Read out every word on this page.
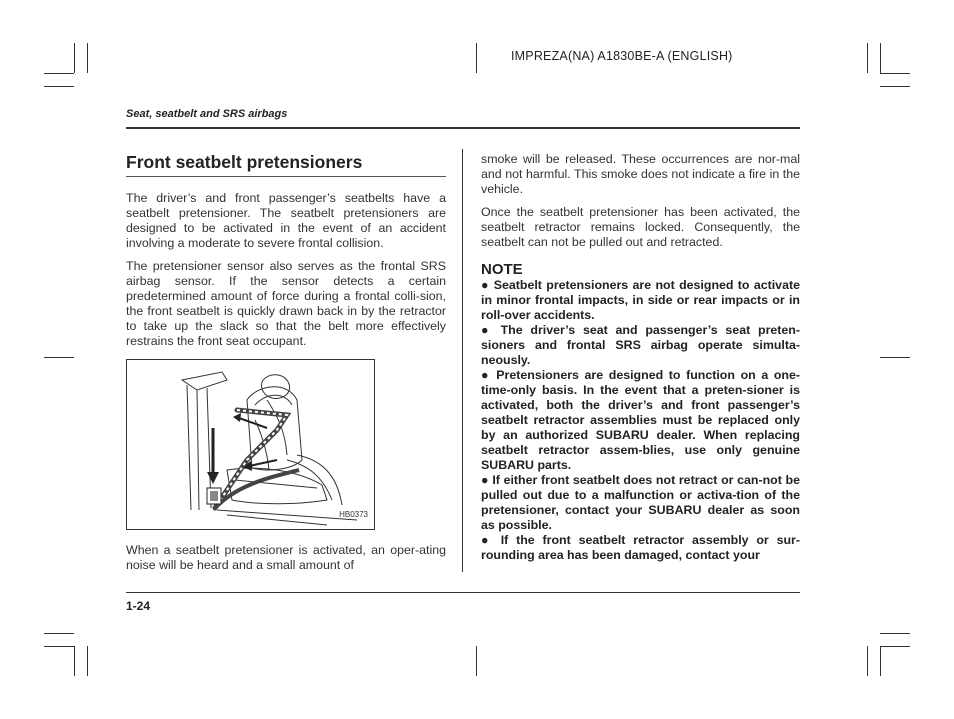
IMPREZA(NA) A1830BE-A (ENGLISH)
Seat, seatbelt and SRS airbags
Front seatbelt pretensioners

The driver’s and front passenger’s seatbelts have a seatbelt pretensioner. The seatbelt pretensioners are designed to be activated in the event of an accident involving a moderate to severe frontal collision.

The pretensioner sensor also serves as the frontal SRS airbag sensor. If the sensor detects a certain predetermined amount of force during a frontal colli-sion, the front seatbelt is quickly drawn back in by the retractor to take up the slack so that the belt more effectively restrains the front seat occupant.

HB0373

When a seatbelt pretensioner is activated, an oper-ating noise will be heard and a small amount of

smoke will be released. These occurrences are nor-mal and not harmful. This smoke does not indicate a fire in the vehicle.

Once the seatbelt pretensioner has been activated, the seatbelt retractor remains locked. Consequently, the seatbelt can not be pulled out and retracted.

NOTE

● Seatbelt pretensioners are not designed to activate in minor frontal impacts, in side or rear impacts or in roll-over accidents.

● The driver’s seat and passenger’s seat preten-sioners and frontal SRS airbag operate simulta-neously.

● Pretensioners are designed to function on a one-time-only basis. In the event that a preten-sioner is activated, both the driver’s and front passenger’s seatbelt retractor assemblies must be replaced only by an authorized SUBARU dealer. When replacing seatbelt retractor assem-blies, use only genuine SUBARU parts.

● If either front seatbelt does not retract or can-not be pulled out due to a malfunction or activa-tion of the pretensioner, contact your SUBARU dealer as soon as possible.

● If the front seatbelt retractor assembly or sur-rounding area has been damaged, contact your

1-24
